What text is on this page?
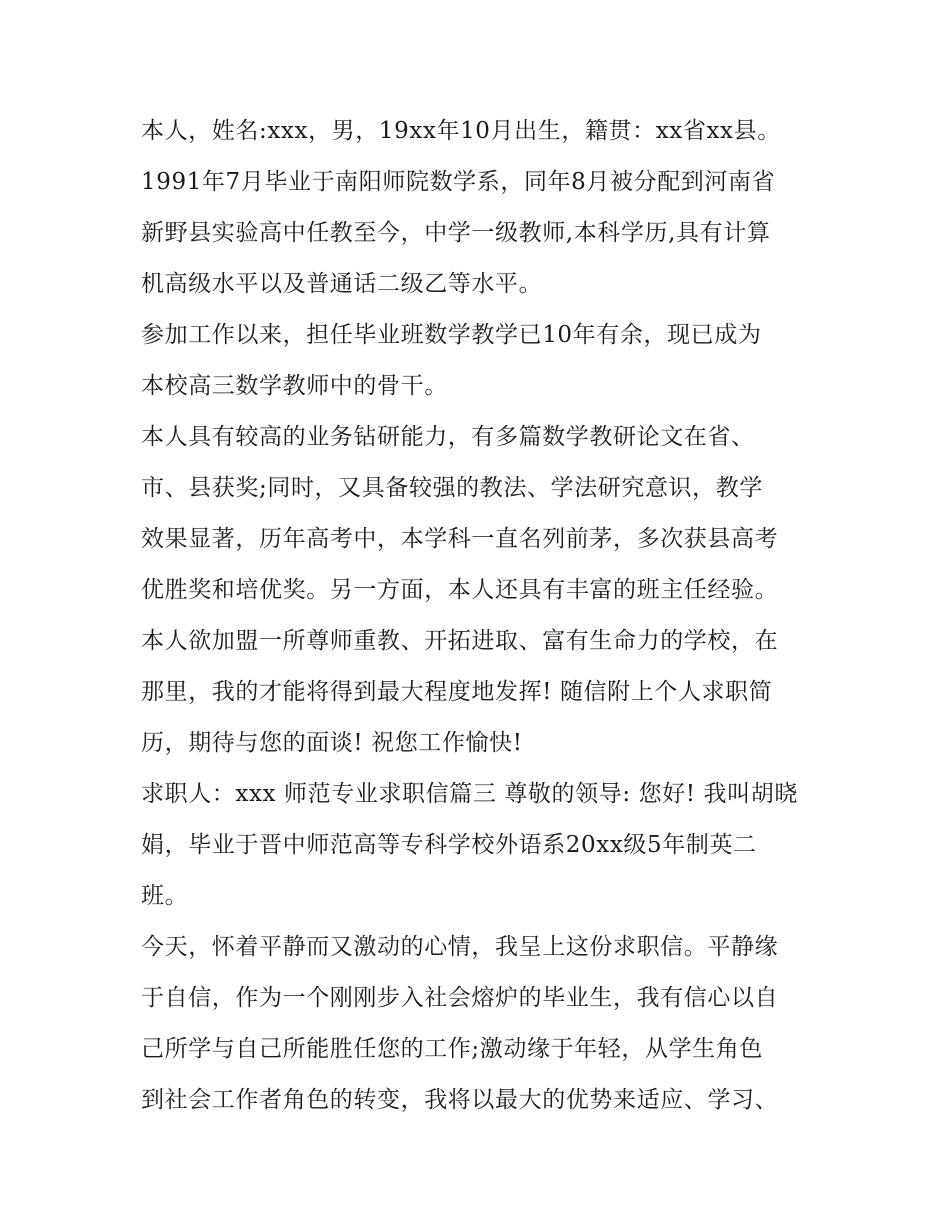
本人，姓名:xxx，男，19xx年10月出生，籍贯：xx省xx县。
1991年7月毕业于南阳师院数学系，同年8月被分配到河南省
新野县实验高中任教至今，中学一级教师,本科学历,具有计算
机高级水平以及普通话二级乙等水平。
参加工作以来，担任毕业班数学教学已10年有余，现已成为
本校高三数学教师中的骨干。
本人具有较高的业务钻研能力，有多篇数学教研论文在省、
市、县获奖;同时，又具备较强的教法、学法研究意识，教学
效果显著，历年高考中，本学科一直名列前茅，多次获县高考
优胜奖和培优奖。另一方面，本人还具有丰富的班主任经验。
本人欲加盟一所尊师重教、开拓进取、富有生命力的学校，在
那里，我的才能将得到最大程度地发挥! 随信附上个人求职简
历，期待与您的面谈! 祝您工作愉快!
求职人：xxx 师范专业求职信篇三 尊敬的领导: 您好! 我叫胡晓
娟，毕业于晋中师范高等专科学校外语系20xx级5年制英二
班。
今天，怀着平静而又激动的心情，我呈上这份求职信。平静缘
于自信，作为一个刚刚步入社会熔炉的毕业生，我有信心以自
己所学与自己所能胜任您的工作;激动缘于年轻，从学生角色
到社会工作者角色的转变，我将以最大的优势来适应、学习、
